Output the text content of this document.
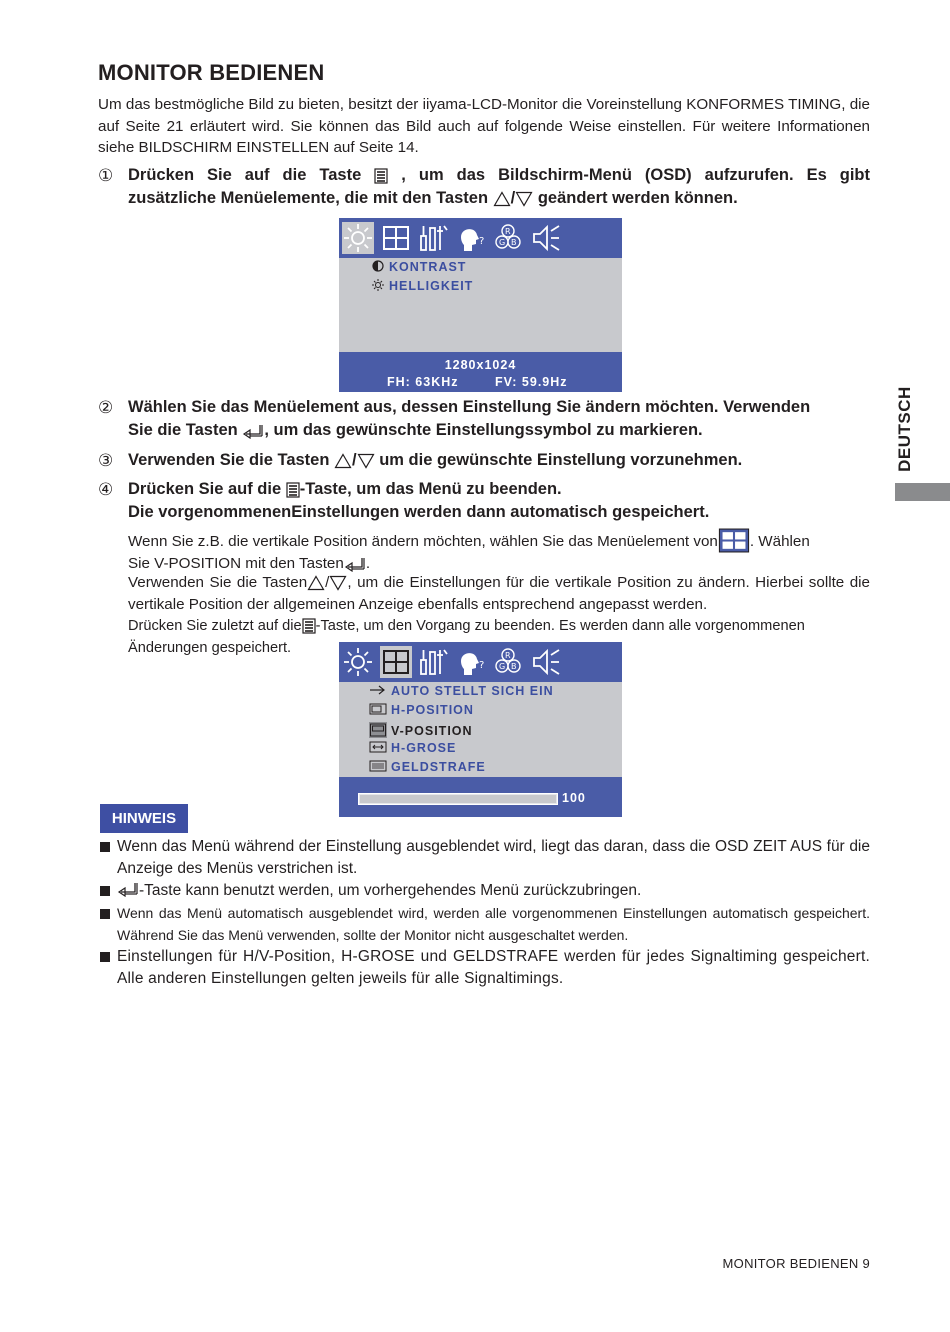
MONITOR BEDIENEN
Um das bestmögliche Bild zu bieten, besitzt der iiyama-LCD-Monitor die Voreinstellung KONFORMES TIMING, die auf Seite 21 erläutert wird. Sie können das Bild auch auf folgende Weise einstellen. Für weitere Informationen siehe BILDSCHIRM EINSTELLEN auf Seite 14.
① Drücken Sie auf die Taste , um das Bildschirm-Menü (OSD) aufzurufen. Es gibt
zusätzliche Menüelemente, die mit den Tasten / geändert werden können.
KONTRAST
HELLIGKEIT
1280x1024
FH: 63KHz	FV: 59.9Hz
② Wählen Sie das Menüelement aus, dessen Einstellung Sie ändern möchten. Verwenden
Sie die Tasten , um das gewünschte Einstellungssymbol zu markieren.
③ Verwenden Sie die Tasten / um die gewünschte Einstellung vorzunehmen.
④ Drücken Sie auf die -Taste, um das Menü zu beenden.
Die vorgenommenenEinstellungen werden dann automatisch gespeichert.
Wenn Sie z.B. die vertikale Position ändern möchten, wählen Sie das Menüelement von . Wählen
Sie V-POSITION mit den Tasten .
Verwenden Sie die Tasten / , um die Einstellungen für die vertikale Position zu ändern. Hierbei sollte die vertikale Position der allgemeinen Anzeige ebenfalls entsprechend angepasst werden.
Drücken Sie zuletzt auf die -Taste, um den Vorgang zu beenden. Es werden dann alle vorgenommenen
Änderungen gespeichert.
AUTO STELLT SICH EIN
H-POSITION
V-POSITION
H-GROSE
GELDSTRAFE
100
HINWEIS
Wenn das Menü während der Einstellung ausgeblendet wird, liegt das daran, dass die OSD ZEIT AUS für die Anzeige des Menüs verstrichen ist.
-Taste kann benutzt werden, um vorhergehendes Menü zurückzubringen.
Wenn das Menü automatisch ausgeblendet wird, werden alle vorgenommenen Einstellungen automatisch gespeichert. Während Sie das Menü verwenden, sollte der Monitor nicht ausgeschaltet werden.
Einstellungen für H/V-Position, H-GROSE und GELDSTRAFE werden für jedes Signaltiming gespeichert. Alle anderen Einstellungen gelten jeweils für alle Signaltimings.
DEUTSCH
MONITOR BEDIENEN 9
